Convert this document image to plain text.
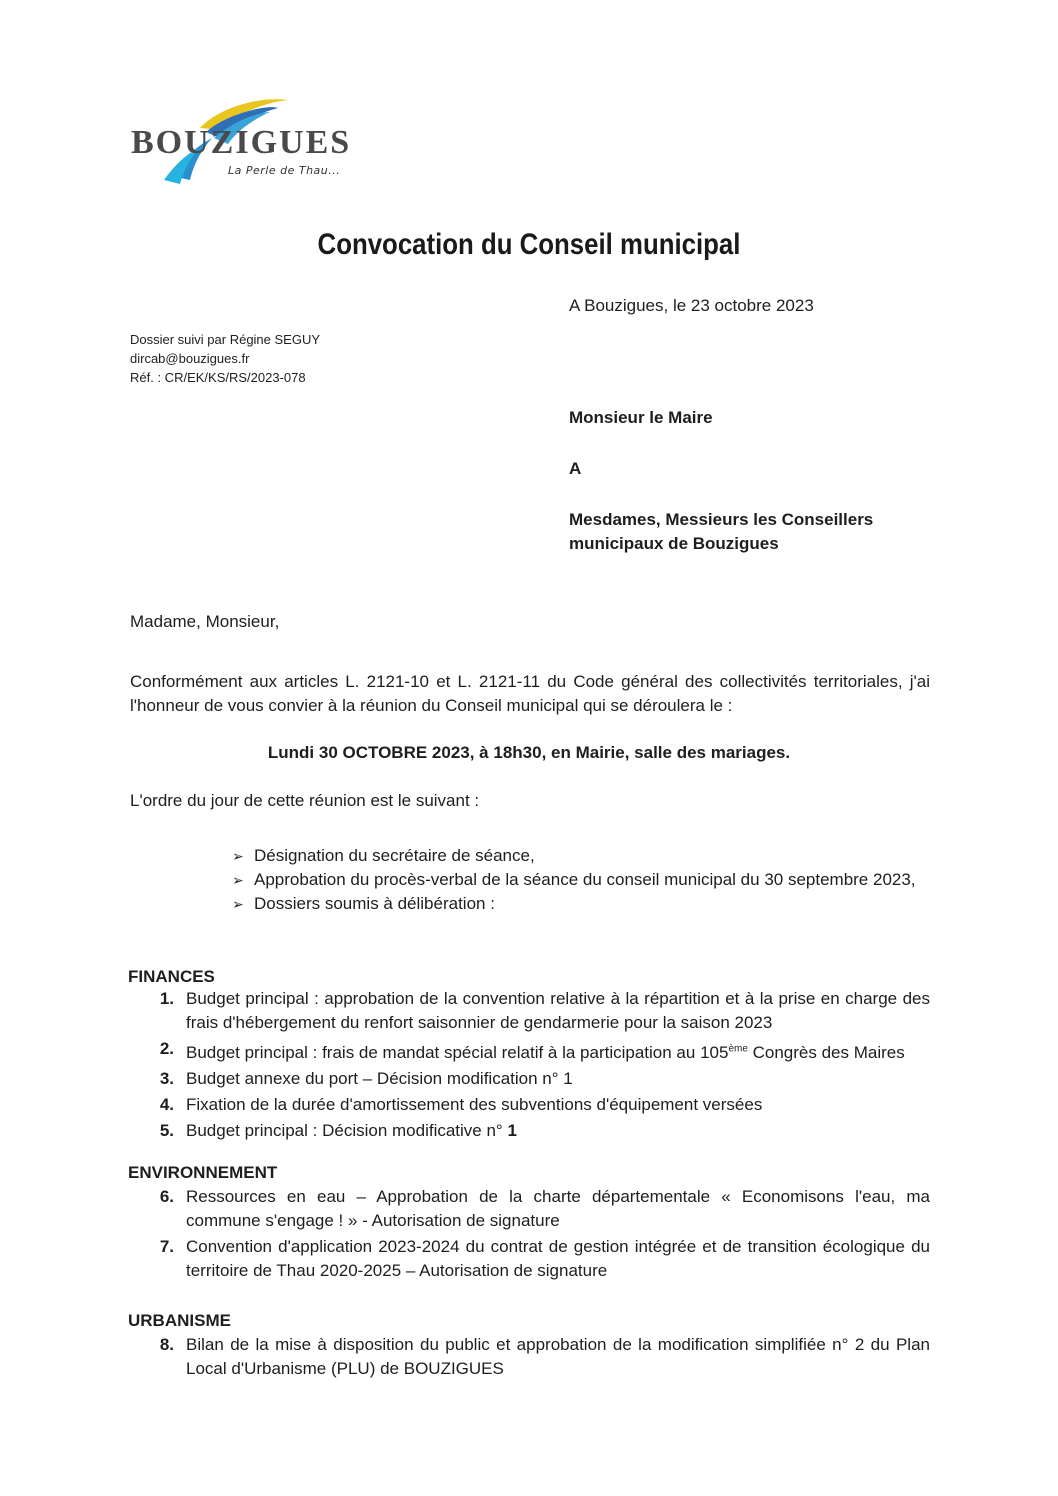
BOUZIGUES
La Perle de Thau...
Convocation du Conseil municipal
A Bouzigues, le 23 octobre 2023
Dossier suivi par Régine SEGUY
dircab@bouzigues.fr
Réf. : CR/EK/KS/RS/2023-078
Monsieur le Maire
A
Mesdames, Messieurs les Conseillers
municipaux de Bouzigues
Madame, Monsieur,
Conformément aux articles L. 2121-10 et L. 2121-11 du Code général des collectivités territoriales, j'ai l'honneur de vous convier à la réunion du Conseil municipal qui se déroulera le :
Lundi 30 OCTOBRE 2023, à 18h30, en Mairie, salle des mariages.
L'ordre du jour de cette réunion est le suivant :
➢ Désignation du secrétaire de séance,
➢ Approbation du procès-verbal de la séance du conseil municipal du 30 septembre 2023,
➢ Dossiers soumis à délibération :
FINANCES
1. Budget principal : approbation de la convention relative à la répartition et à la prise en charge des frais d'hébergement du renfort saisonnier de gendarmerie pour la saison 2023
2. Budget principal : frais de mandat spécial relatif à la participation au 105ème Congrès des Maires
3. Budget annexe du port – Décision modification n° 1
4. Fixation de la durée d'amortissement des subventions d'équipement versées
5. Budget principal : Décision modificative n° 1
ENVIRONNEMENT
6. Ressources en eau – Approbation de la charte départementale « Economisons l'eau, ma commune s'engage ! » - Autorisation de signature
7. Convention d'application 2023-2024 du contrat de gestion intégrée et de transition écologique du territoire de Thau 2020-2025 – Autorisation de signature
URBANISME
8. Bilan de la mise à disposition du public et approbation de la modification simplifiée n° 2 du Plan Local d'Urbanisme (PLU) de BOUZIGUES
